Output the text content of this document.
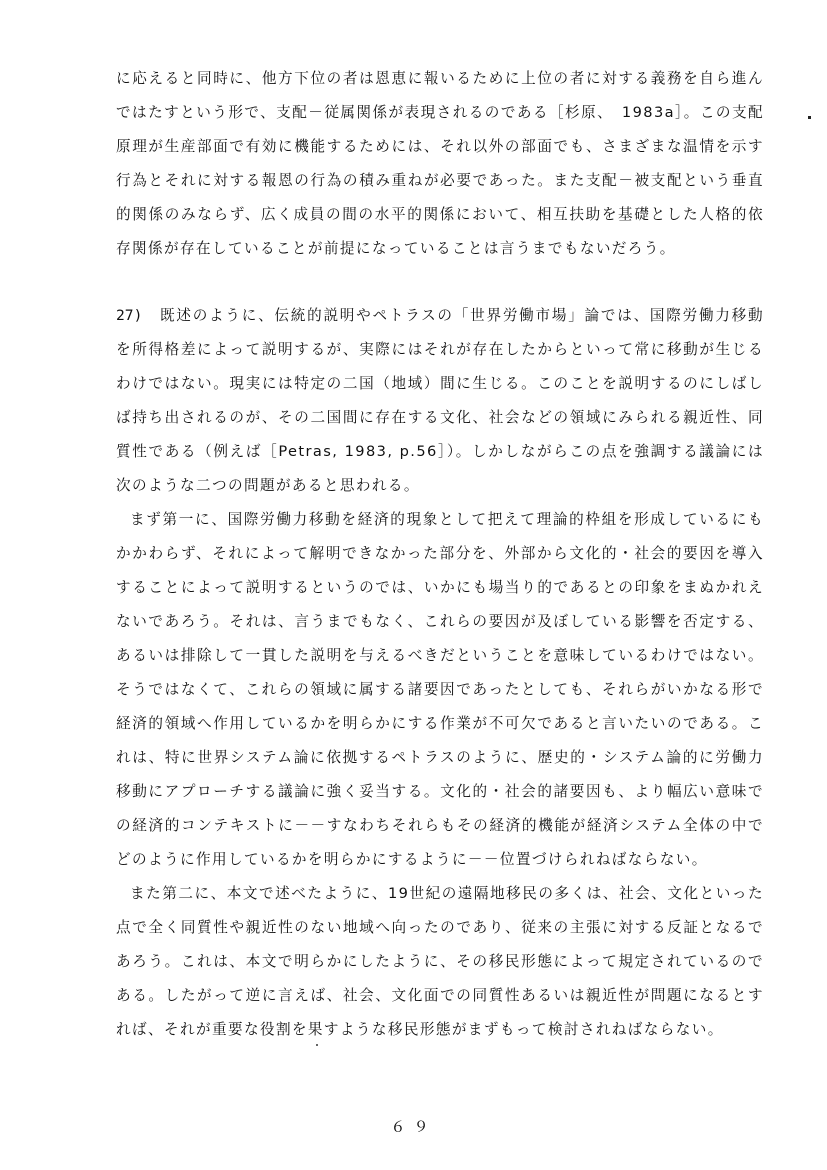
に応えると同時に、他方下位の者は恩恵に報いるために上位の者に対する義務を自ら進ん
ではたすという形で、支配－従属関係が表現されるのである［杉原、　1983a］。この支配
原理が生産部面で有効に機能するためには、それ以外の部面でも、さまざまな温情を示す
行為とそれに対する報恩の行為の積み重ねが必要であった。また支配－被支配という垂直
的関係のみならず、広く成員の間の水平的関係において、相互扶助を基礎とした人格的依
存関係が存在していることが前提になっていることは言うまでもないだろう。
27) 既述のように、伝統的説明やペトラスの「世界労働市場」論では、国際労働力移動
を所得格差によって説明するが、実際にはそれが存在したからといって常に移動が生じる
わけではない。現実には特定の二国（地域）間に生じる。このことを説明するのにしばし
ば持ち出されるのが、その二国間に存在する文化、社会などの領域にみられる親近性、同
質性である（例えば［Petras, 1983, p.56］）。しかしながらこの点を強調する議論には
次のような二つの問題があると思われる。
まず第一に、国際労働力移動を経済的現象として把えて理論的枠組を形成しているにも
かかわらず、それによって解明できなかった部分を、外部から文化的・社会的要因を導入
することによって説明するというのでは、いかにも場当り的であるとの印象をまぬかれえ
ないであろう。それは、言うまでもなく、これらの要因が及ぼしている影響を否定する、
あるいは排除して一貫した説明を与えるべきだということを意味しているわけではない。
そうではなくて、これらの領域に属する諸要因であったとしても、それらがいかなる形で
経済的領域へ作用しているかを明らかにする作業が不可欠であると言いたいのである。こ
れは、特に世界システム論に依拠するペトラスのように、歴史的・システム論的に労働力
移動にアプローチする議論に強く妥当する。文化的・社会的諸要因も、より幅広い意味で
の経済的コンテキストに－－すなわちそれらもその経済的機能が経済システム全体の中で
どのように作用しているかを明らかにするように－－位置づけられねばならない。
また第二に、本文で述べたように、19世紀の遠隔地移民の多くは、社会、文化といった
点で全く同質性や親近性のない地域へ向ったのであり、従来の主張に対する反証となるで
あろう。これは、本文で明らかにしたように、その移民形態によって規定されているので
ある。したがって逆に言えば、社会、文化面での同質性あるいは親近性が問題になるとす
れば、それが重要な役割を果すような移民形態がまずもって検討されねばならない。
６９
